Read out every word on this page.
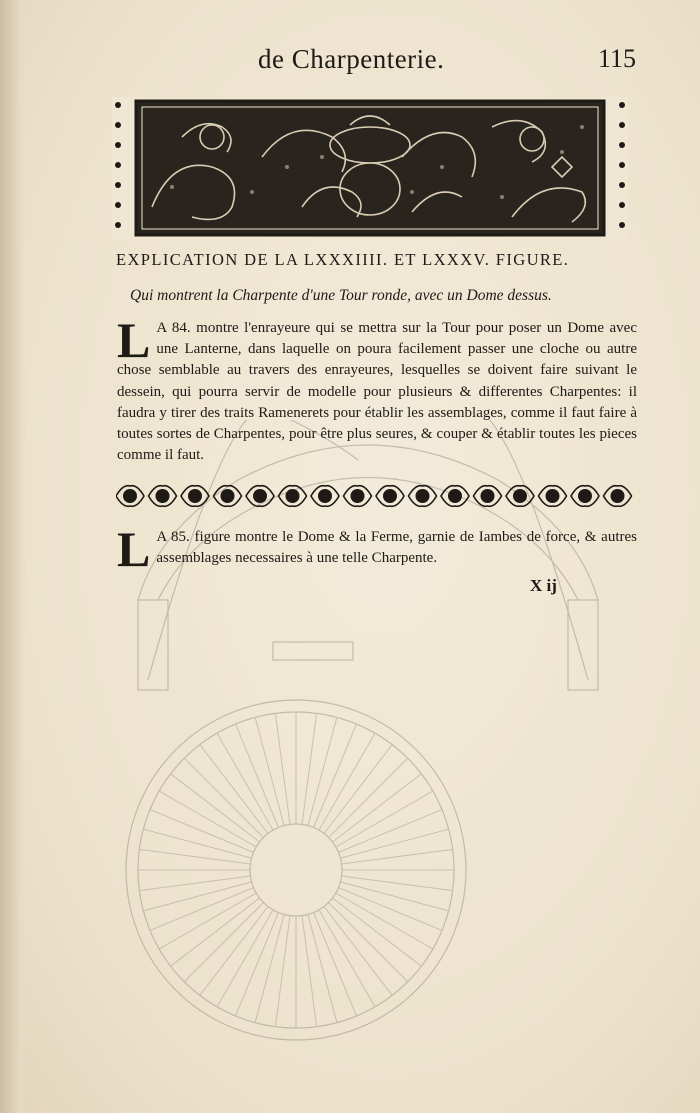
de Charpenterie.	115
EXPLICATION DE LA LXXXIIII. ET LXXXV. FIGURE.
Qui montrent la Charpente d'une Tour ronde, avec un Dome dessus.
L A 84. montre l'enrayeure qui se mettra sur la Tour pour poser un Dome avec une Lanterne, dans laquelle on poura facilement passer une cloche ou autre chose semblable au travers des enrayeures, lesquelles se doivent faire suivant le dessein, qui pourra servir de modelle pour plusieurs & differentes Charpentes: il faudra y tirer des traits Ramenerets pour établir les assemblages, comme il faut faire à toutes sortes de Charpentes, pour être plus seures, & couper & établir toutes les pieces comme il faut.
L A 85. figure montre le Dome & la Ferme, garnie de Iambes de force, & autres assemblages necessaires à une telle Charpente.
X ij
